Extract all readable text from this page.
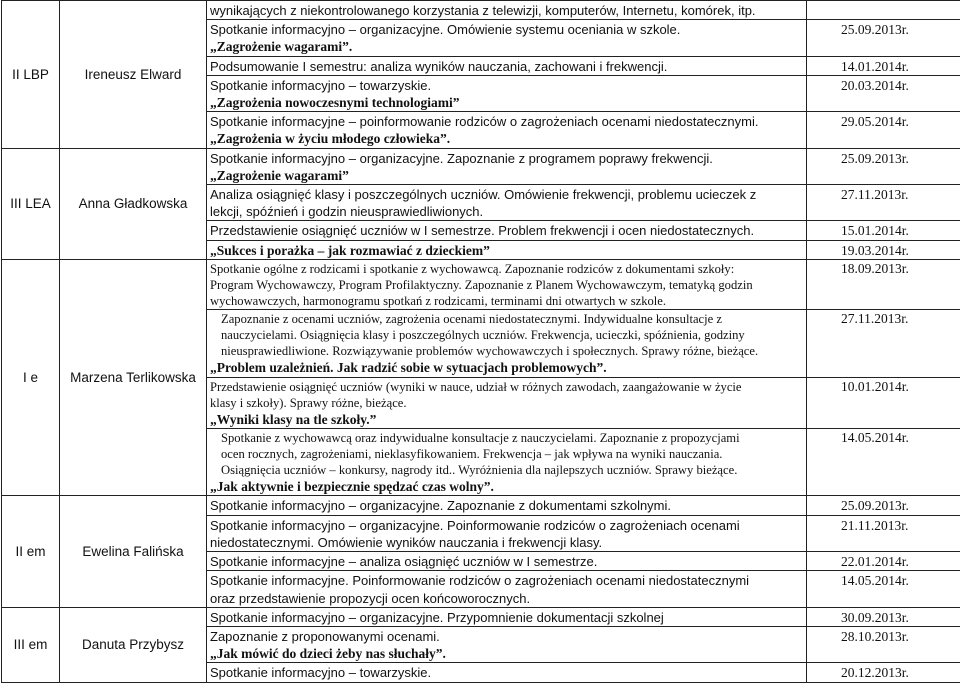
II LBP	Ireneusz Elward	wynikających z niekontrolowanego korzystania z telewizji, komputerów, Internetu, komórek, itp.	

		Spotkanie informacyjno – organizacyjne. Omówienie systemu oceniania w szkole.
„Zagrożenie wagarami”.	25.09.2013r.

		Podsumowanie I semestru: analiza wyników nauczania, zachowani i frekwencji.	14.01.2014r.

		Spotkanie informacyjno – towarzyskie.
„Zagrożenia nowoczesnymi technologiami”	20.03.2014r.

		Spotkanie informacyjne – poinformowanie rodziców o zagrożeniach ocenami niedostatecznymi.
„Zagrożenia w życiu młodego człowieka”.	29.05.2014r.

III LEA	Anna Gładkowska	Spotkanie informacyjno – organizacyjne. Zapoznanie z programem poprawy frekwencji.
„Zagrożenie wagarami”	25.09.2013r.

		Analiza osiągnięć klasy i poszczególnych uczniów. Omówienie frekwencji, problemu ucieczek z
lekcji, spóźnień i godzin nieusprawiedliwionych.	27.11.2013r.

		Przedstawienie osiągnięć uczniów w I semestrze. Problem frekwencji i ocen niedostatecznych.	15.01.2014r.

		„Sukces i porażka – jak rozmawiać z dzieckiem”	19.03.2014r.

I e	Marzena Terlikowska	Spotkanie ogólne z rodzicami i spotkanie z wychowawcą. Zapoznanie rodziców z dokumentami szkoły:
Program Wychowawczy, Program Profilaktyczny. Zapoznanie z Planem Wychowawczym, tematyką godzin
wychowawczych, harmonogramu spotkań z rodzicami, terminami dni otwartych w szkole.	18.09.2013r.

		Zapoznanie z ocenami uczniów, zagrożenia ocenami niedostatecznymi. Indywidualne konsultacje z
nauczycielami. Osiągnięcia klasy i poszczególnych uczniów. Frekwencja, ucieczki, spóźnienia, godziny
nieusprawiedliwione. Rozwiązywanie problemów wychowawczych i społecznych. Sprawy różne, bieżące.
„Problem uzależnień. Jak radzić sobie w sytuacjach problemowych”.	27.11.2013r.

		Przedstawienie osiągnięć uczniów (wyniki w nauce, udział w różnych zawodach, zaangażowanie w życie
klasy i szkoły). Sprawy różne, bieżące.
„Wyniki klasy na tle szkoły.”	10.01.2014r.

		Spotkanie z wychowawcą oraz indywidualne konsultacje z nauczycielami. Zapoznanie z propozycjami
ocen rocznych, zagrożeniami, nieklasyfikowaniem. Frekwencja – jak wpływa na wyniki nauczania.
Osiągnięcia uczniów – konkursy, nagrody itd.. Wyróżnienia dla najlepszych uczniów. Sprawy bieżące.
„Jak aktywnie i bezpiecznie spędzać czas wolny”.	14.05.2014r.

II em	Ewelina Falińska	Spotkanie informacyjno – organizacyjne. Zapoznanie z dokumentami szkolnymi.	25.09.2013r.

		Spotkanie informacyjno – organizacyjne. Poinformowanie rodziców o zagrożeniach ocenami
niedostatecznymi. Omówienie wyników nauczania i frekwencji klasy.	21.11.2013r.

		Spotkanie informacyjne – analiza osiągnięć uczniów w I semestrze.	22.01.2014r.

		Spotkanie informacyjne. Poinformowanie rodziców o zagrożeniach ocenami niedostatecznymi
oraz przedstawienie propozycji ocen końcoworocznych.	14.05.2014r.

III em	Danuta Przybysz	Spotkanie informacyjno – organizacyjne. Przypomnienie dokumentacji szkolnej	30.09.2013r.

		Zapoznanie z proponowanymi ocenami.
„Jak mówić do dzieci żeby nas słuchały”.	28.10.2013r.

		Spotkanie informacyjno – towarzyskie.	20.12.2013r.
